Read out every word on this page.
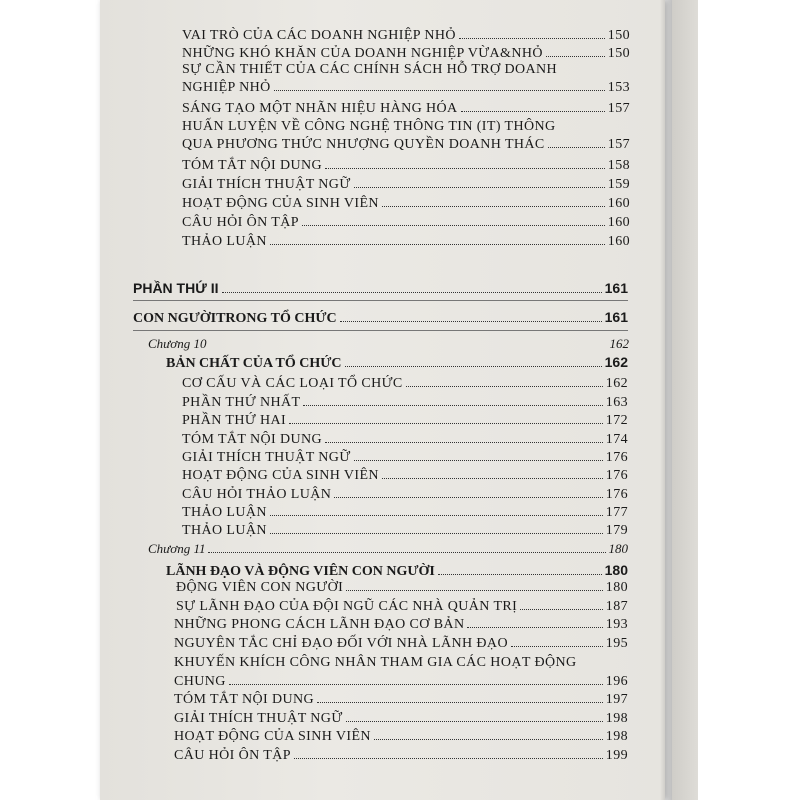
VAI TRÒ CỦA CÁC DOANH NGHIỆP NHỎ	150
NHỮNG KHÓ KHĂN CỦA DOANH NGHIỆP VỪA&NHỎ	150
SỰ CẦN THIẾT CỦA CÁC CHÍNH SÁCH HỖ TRỢ DOANH
NGHIỆP NHỎ	153
SÁNG TẠO MỘT NHÃN HIỆU HÀNG HÓA	157
HUẤN LUYỆN VỀ CÔNG NGHỆ THÔNG TIN (IT) THÔNG
QUA PHƯƠNG THỨC NHƯỢNG QUYỀN DOANH THÁC	157
TÓM TẮT NỘI DUNG	158
GIẢI THÍCH THUẬT NGỮ	159
HOẠT ĐỘNG CỦA SINH VIÊN	160
CÂU HỎI ÔN TẬP	160
THẢO LUẬN	160
PHẦN THỨ II	161
CON NGƯỜITRONG TỔ CHỨC	161
Chương 10	162
BẢN CHẤT CỦA TỔ CHỨC	162
CƠ CẤU VÀ CÁC LOẠI TỔ CHỨC	162
PHẦN THỨ NHẤT	163
PHẦN THỨ HAI	172
TÓM TẮT NỘI DUNG	174
GIẢI THÍCH THUẬT NGỮ	176
HOẠT ĐỘNG CỦA SINH VIÊN	176
CÂU HỎI THẢO LUẬN	176
THẢO LUẬN	177
THẢO LUẬN	179
Chương 11	180
LÃNH ĐẠO VÀ ĐỘNG VIÊN CON NGƯỜI	180
ĐỘNG VIÊN CON NGƯỜI	180
SỰ LÃNH ĐẠO CỦA ĐỘI NGŨ CÁC NHÀ QUẢN TRỊ	187
NHỮNG PHONG CÁCH LÃNH ĐẠO CƠ BẢN	193
NGUYÊN TẮC CHỈ ĐẠO ĐỐI VỚI NHÀ LÃNH ĐẠO	195
KHUYẾN KHÍCH CÔNG NHÂN THAM GIA CÁC HOẠT ĐỘNG
CHUNG	196
TÓM TẮT NỘI DUNG	197
GIẢI THÍCH THUẬT NGỮ	198
HOẠT ĐỘNG CỦA SINH VIÊN	198
CÂU HỎI ÔN TẬP	199
